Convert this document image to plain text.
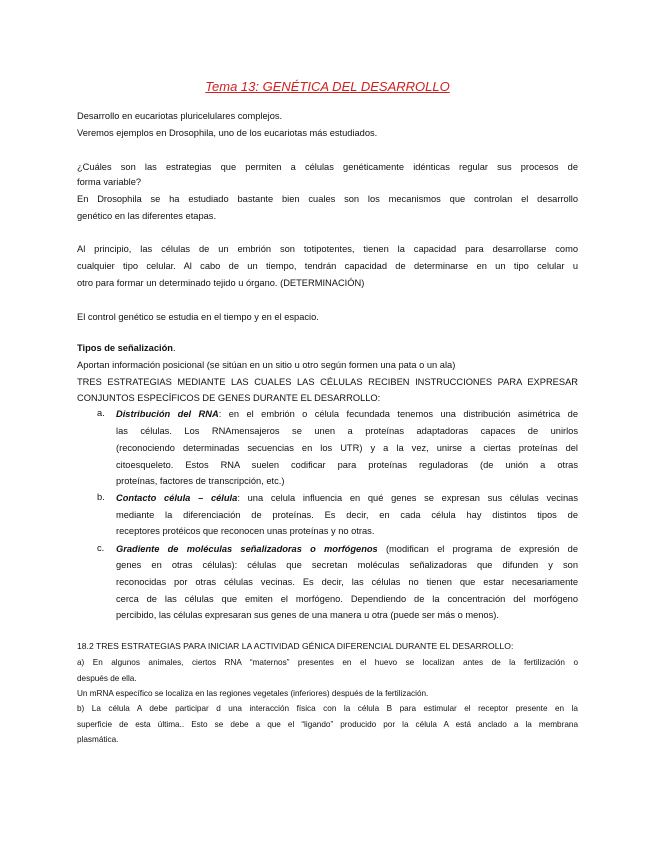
Tema 13: GENÉTICA DEL DESARROLLO
Desarrollo en eucariotas pluricelulares complejos.
Veremos ejemplos en Drosophila, uno de los eucariotas más estudiados.
¿Cuáles son las estrategias que permiten a células genéticamente idénticas regular sus procesos de
forma variable?
En Drosophila se ha estudiado bastante bien cuales son los mecanismos que controlan el desarrollo
genético en las diferentes etapas.
Al principio, las células de un embrión son totipotentes, tienen la capacidad para desarrollarse como
cualquier tipo celular. Al cabo de un tiempo, tendrán capacidad de determinarse en un tipo celular u
otro para formar un determinado tejido u órgano. (DETERMINACIÓN)
El control genético se estudia en el tiempo y en el espacio.
Tipos de señalización.
Aportan información posicional (se sitúan en un sitio u otro según formen una pata o un ala)
TRES ESTRATEGIAS MEDIANTE LAS CUALES LAS CÉLULAS RECIBEN INSTRUCCIONES PARA EXPRESAR
CONJUNTOS ESPECÍFICOS DE GENES DURANTE EL DESARROLLO:
a. Distribución del RNA: en el embrión o célula fecundada tenemos una distribución asimétrica de
las células. Los RNAmensajeros se unen a proteínas adaptadoras capaces de unirlos
(reconociendo determinadas secuencias en los UTR) y a la vez, unirse a ciertas proteínas del
citoesqueleto. Estos RNA suelen codificar para proteínas reguladoras (de unión a otras
proteínas, factores de transcripción, etc.)
b. Contacto célula – célula: una celula influencia en qué genes se expresan sus células vecinas
mediante la diferenciación de proteínas. Es decir, en cada célula hay distintos tipos de
receptores protéicos que reconocen unas proteínas y no otras.
c. Gradiente de moléculas señalizadoras o morfógenos (modifican el programa de expresión de
genes en otras células): células que secretan moléculas señalizadoras que difunden y son
reconocidas por otras células vecinas. Es decir, las células no tienen que estar necesariamente
cerca de las células que emiten el morfógeno. Dependiendo de la concentración del morfógeno
percibido, las células expresaran sus genes de una manera u otra (puede ser más o menos).
18.2 TRES ESTRATEGIAS PARA INICIAR LA ACTIVIDAD GÉNICA DIFERENCIAL DURANTE EL DESARROLLO:
a) En algunos animales, ciertos RNA “maternos” presentes en el huevo se localizan antes de la fertilización o
después de ella.
Un mRNA específico se localiza en las regiones vegetales (inferiores) después de la fertilización.
b) La célula A debe participar d una interacción física con la célula B para estimular el receptor presente en la
superficie de esta última.. Esto se debe a que el “ligando” producido por la célula A está anclado a la membrana
plasmática.
